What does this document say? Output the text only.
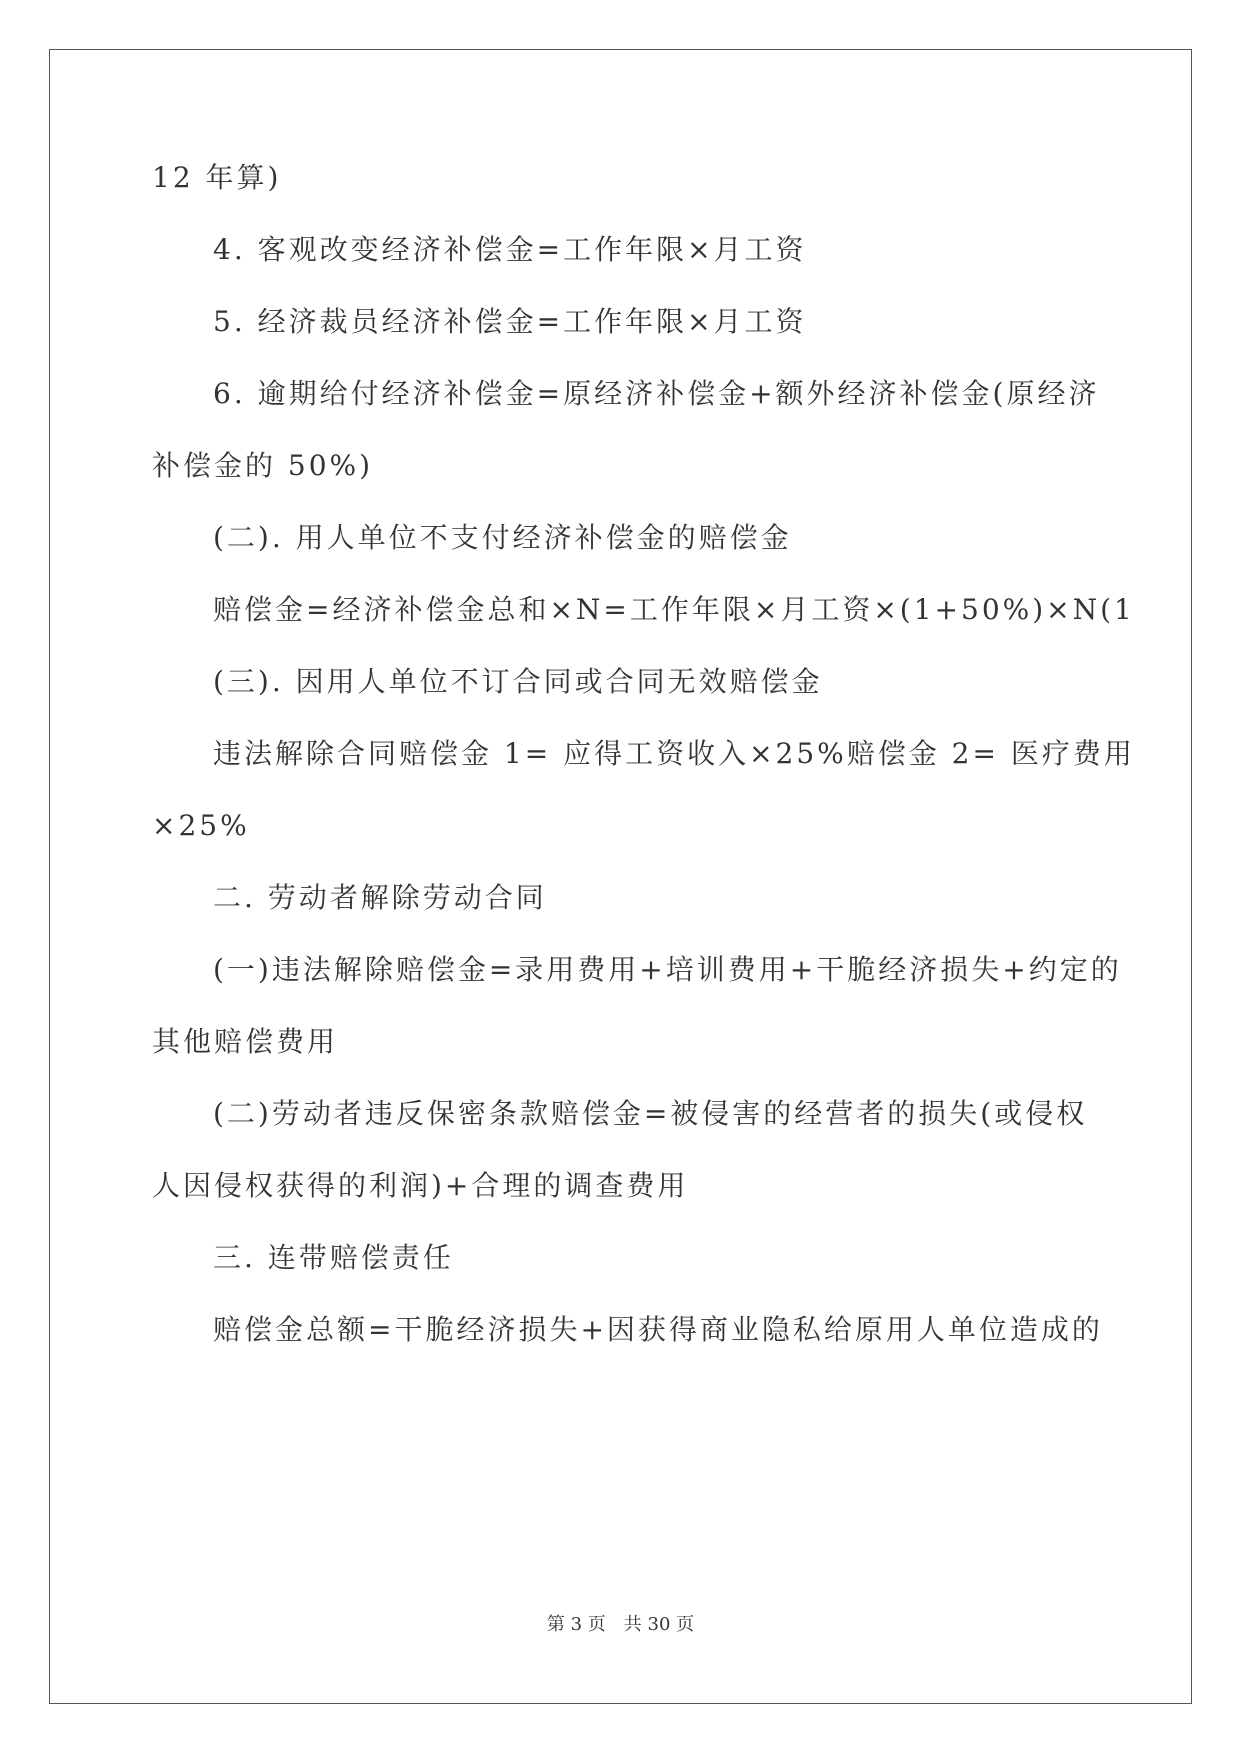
12 年算)
4. 客观改变经济补偿金=工作年限×月工资
5. 经济裁员经济补偿金=工作年限×月工资
6. 逾期给付经济补偿金=原经济补偿金+额外经济补偿金(原经济
补偿金的 50%)
(二). 用人单位不支付经济补偿金的赔偿金
赔偿金=经济补偿金总和×N=工作年限×月工资×(1+50%)×N(1
(三). 因用人单位不订合同或合同无效赔偿金
违法解除合同赔偿金 1= 应得工资收入×25%赔偿金 2= 医疗费用
×25%
二. 劳动者解除劳动合同
(一)违法解除赔偿金=录用费用+培训费用+干脆经济损失+约定的
其他赔偿费用
(二)劳动者违反保密条款赔偿金=被侵害的经营者的损失(或侵权
人因侵权获得的利润)+合理的调查费用
三. 连带赔偿责任
赔偿金总额=干脆经济损失+因获得商业隐私给原用人单位造成的
第 3 页 共 30 页
